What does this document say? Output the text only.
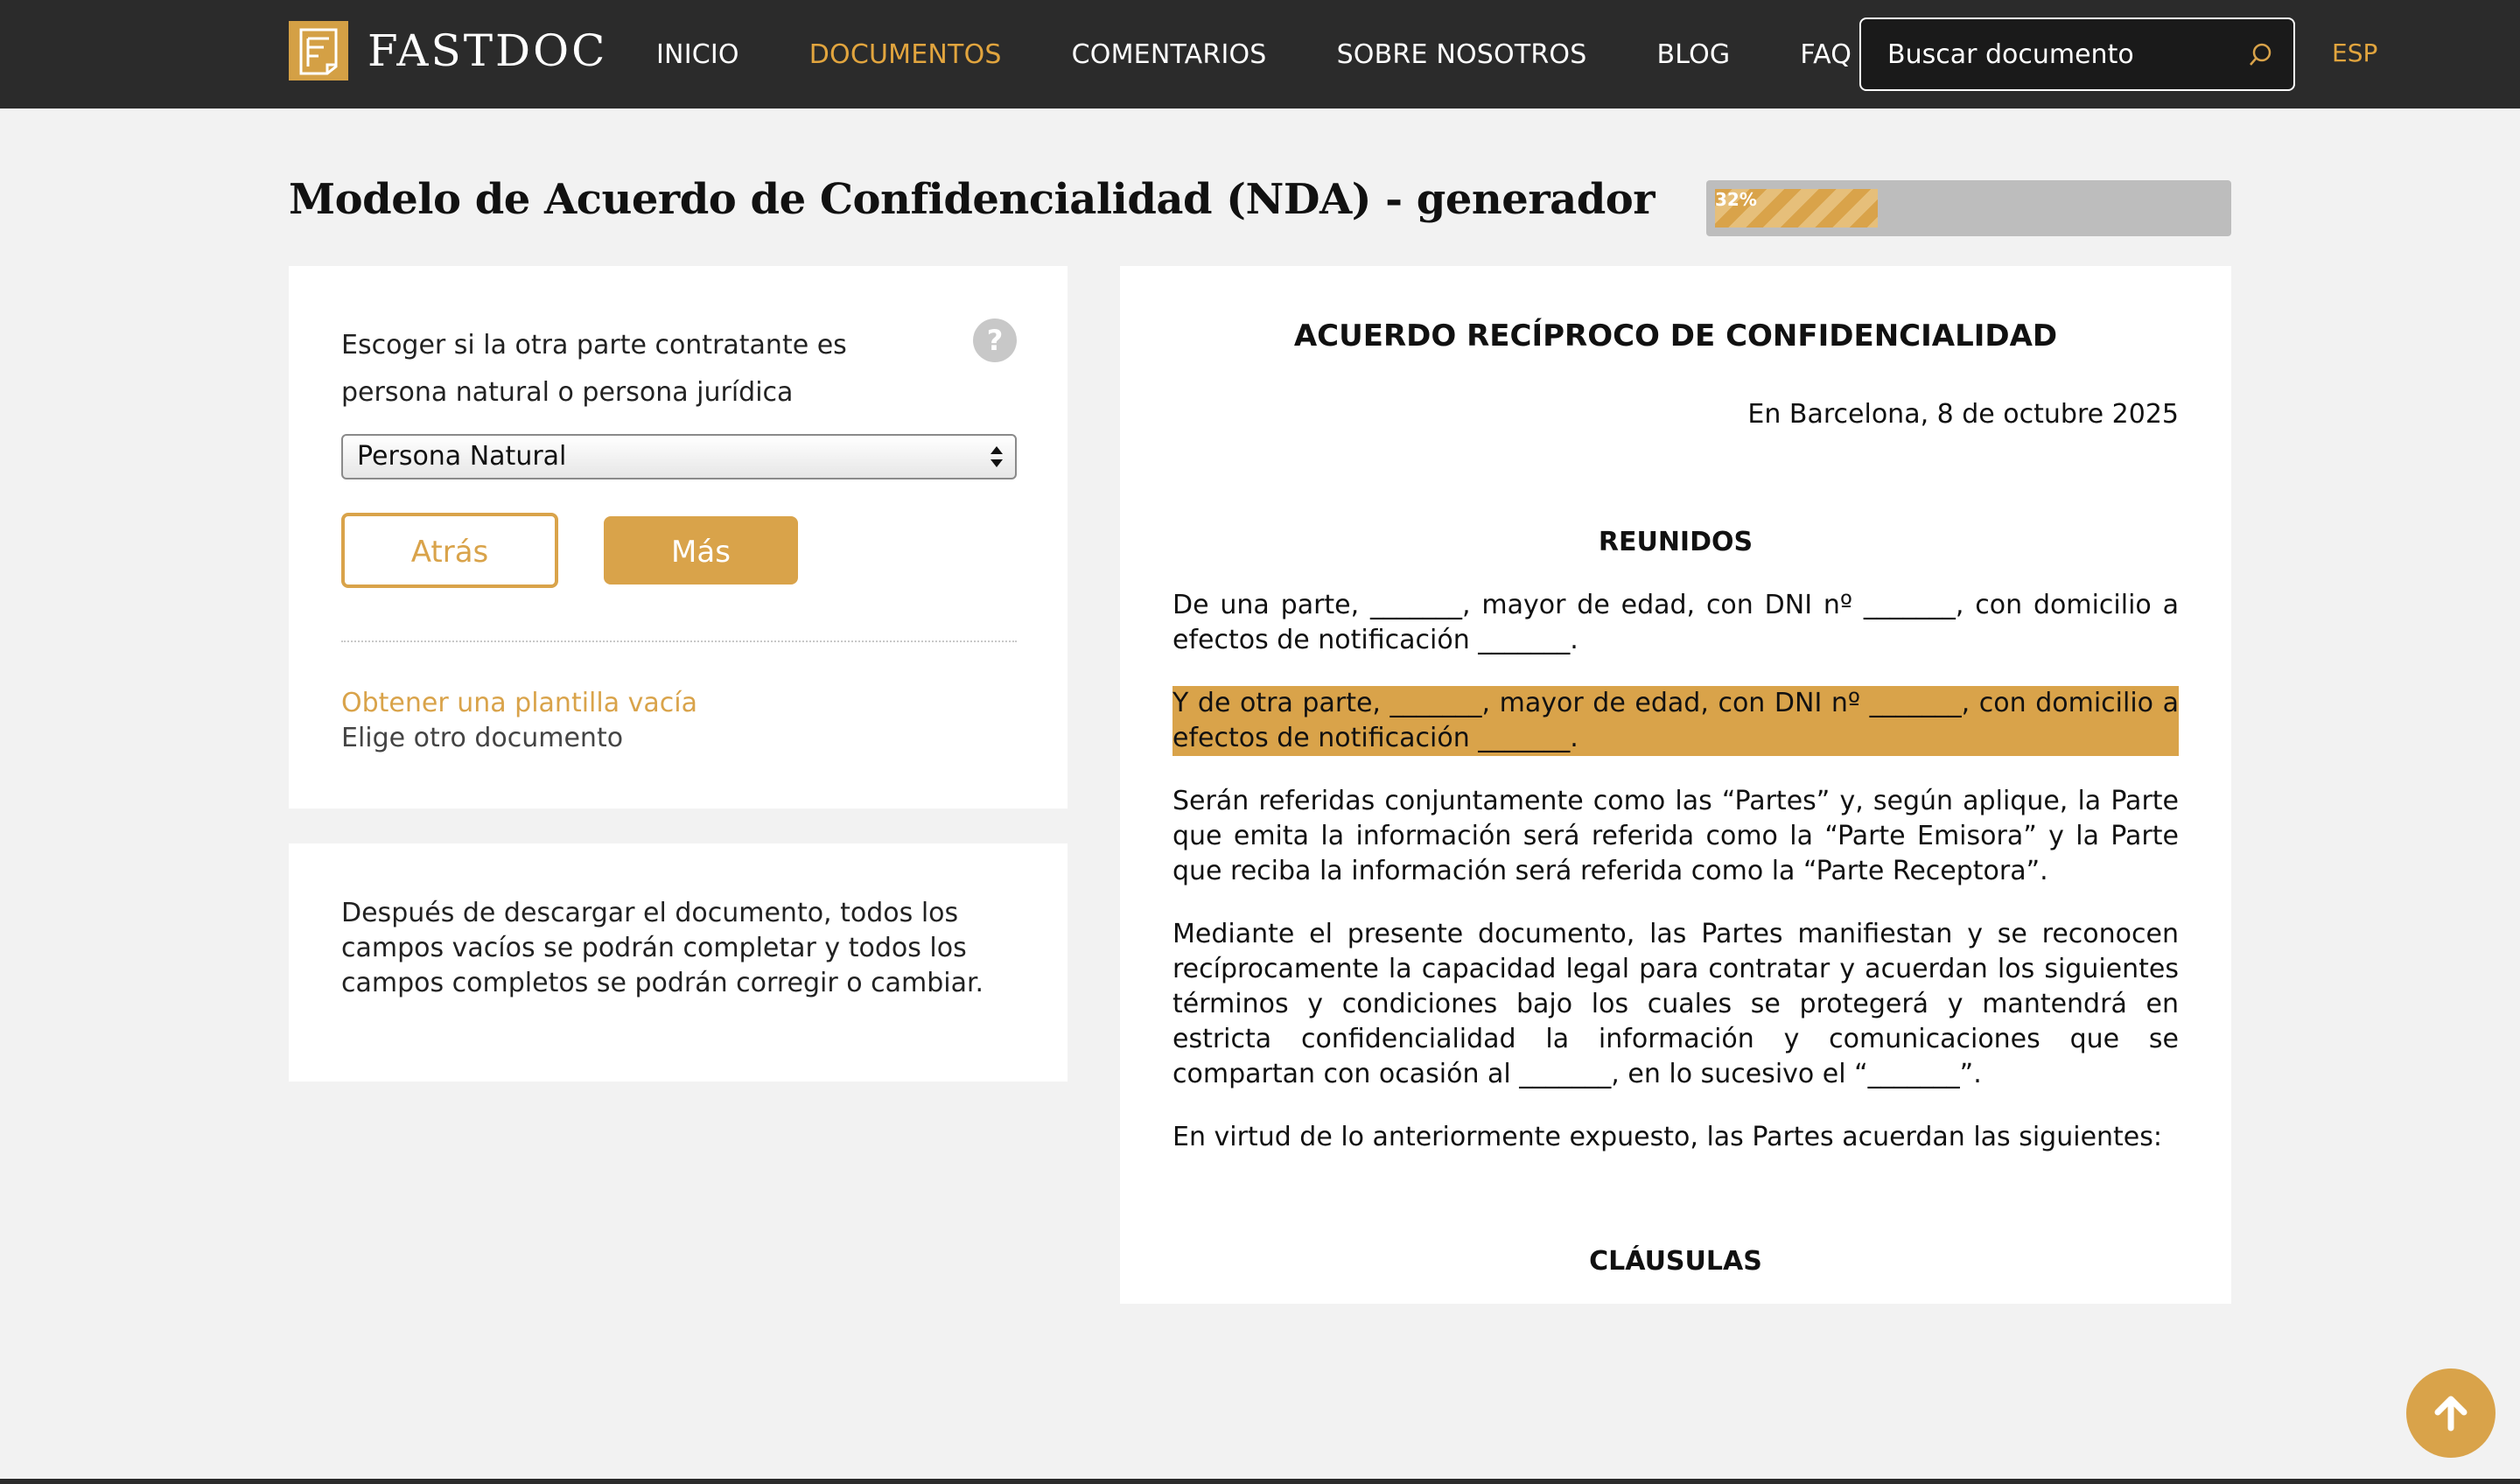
FASTDOC INICIO	DOCUMENTOS	COMENTARIOS	SOBRE NOSOTROS	BLOG	FAQ
Buscar documento	ESP
Modelo de Acuerdo de Confidencialidad (NDA) - generador	32%
Escoger si la otra parte contratante es persona natural o persona jurídica
?
Persona Natural
Atrás	Más
Obtener una plantilla vacía
Elige otro documento

Después de descargar el documento, todos los campos vacíos se podrán completar y todos los campos completos se podrán corregir o cambiar.

ACUERDO RECÍPROCO DE CONFIDENCIALIDAD
En Barcelona, 8 de octubre 2025
REUNIDOS

De una parte, _______, mayor de edad, con DNI nº _______, con domicilio a efectos de notificación _______.

Y de otra parte, _______, mayor de edad, con DNI nº _______, con domicilio a efectos de notificación _______.

Serán referidas conjuntamente como las “Partes” y, según aplique, la Parte que emita la información será referida como la “Parte Emisora” y la Parte que reciba la información será referida como la “Parte Receptora”.

Mediante el presente documento, las Partes manifiestan y se reconocen recíprocamente la capacidad legal para contratar y acuerdan los siguientes términos y condiciones bajo los cuales se protegerá y mantendrá en estricta confidencialidad la información y comunicaciones que se compartan con ocasión al _______, en lo sucesivo el “_______”.

En virtud de lo anteriormente expuesto, las Partes acuerdan las siguientes:

CLÁUSULAS
